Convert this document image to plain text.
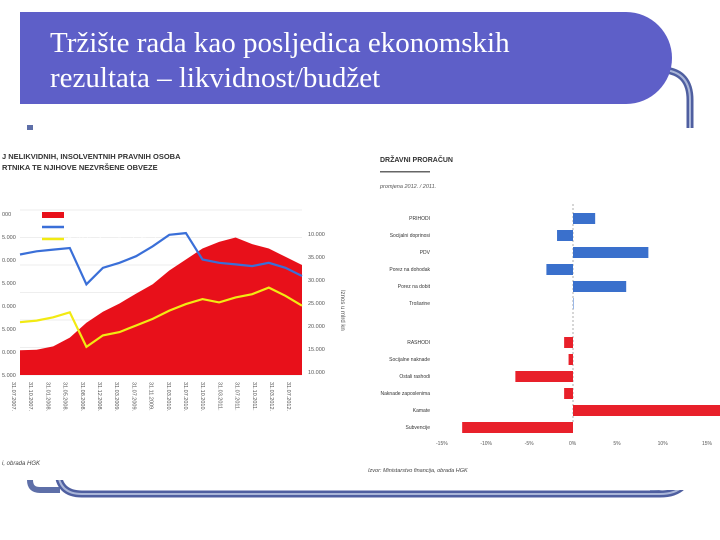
Tržište rada kao posljedica ekonomskih
rezultata – likvidnost/budžet
J NELIKVIDNIH, INSOLVENTNIH PRAVNIH OSOBA
RTNIKA TE NJIHOVE NEZVRŠENE OBVEZE
Iznos tamnoplavih poslovnih subjekata (desno)
Broj blokiranih obrnika (lijevo)
Broj blokiranih pravnih osoba (lijevo)
000
5.000
0.000
5.000
0.000
5.000
0.000
5.000
10.000
35.000
30.000
25.000
20.000
15.000
10.000
Iznos u mlrd kn
31.07.2007. 31.10.2007. 31.01.2008. 31.05.2008. 31.08.2008. 31.12.2008. 31.03.2009. 31.07.2009. 31.11.2009. 31.03.2010. 31.07.2010. 31.10.2010. 31.03.2011. 31.07.2011. 31.10.2011. 31.03.2012. 31.07.2012.
i, obrada HGK
DRŽAVNI PRORAČUN
promjena 2012. / 2011.
PRIHODI
Socijalni doprinosi
PDV
Porez na dohodak
Porez na dobit
Trošarine
RASHODI
Socijalne naknade
Ostali rashodi
Naknade zaposlenima
Kamate
Subvencije
-15%	-10%	-5%	0%	5%	10%	15%
Izvor: Ministarstvo financija, obrada HGK
